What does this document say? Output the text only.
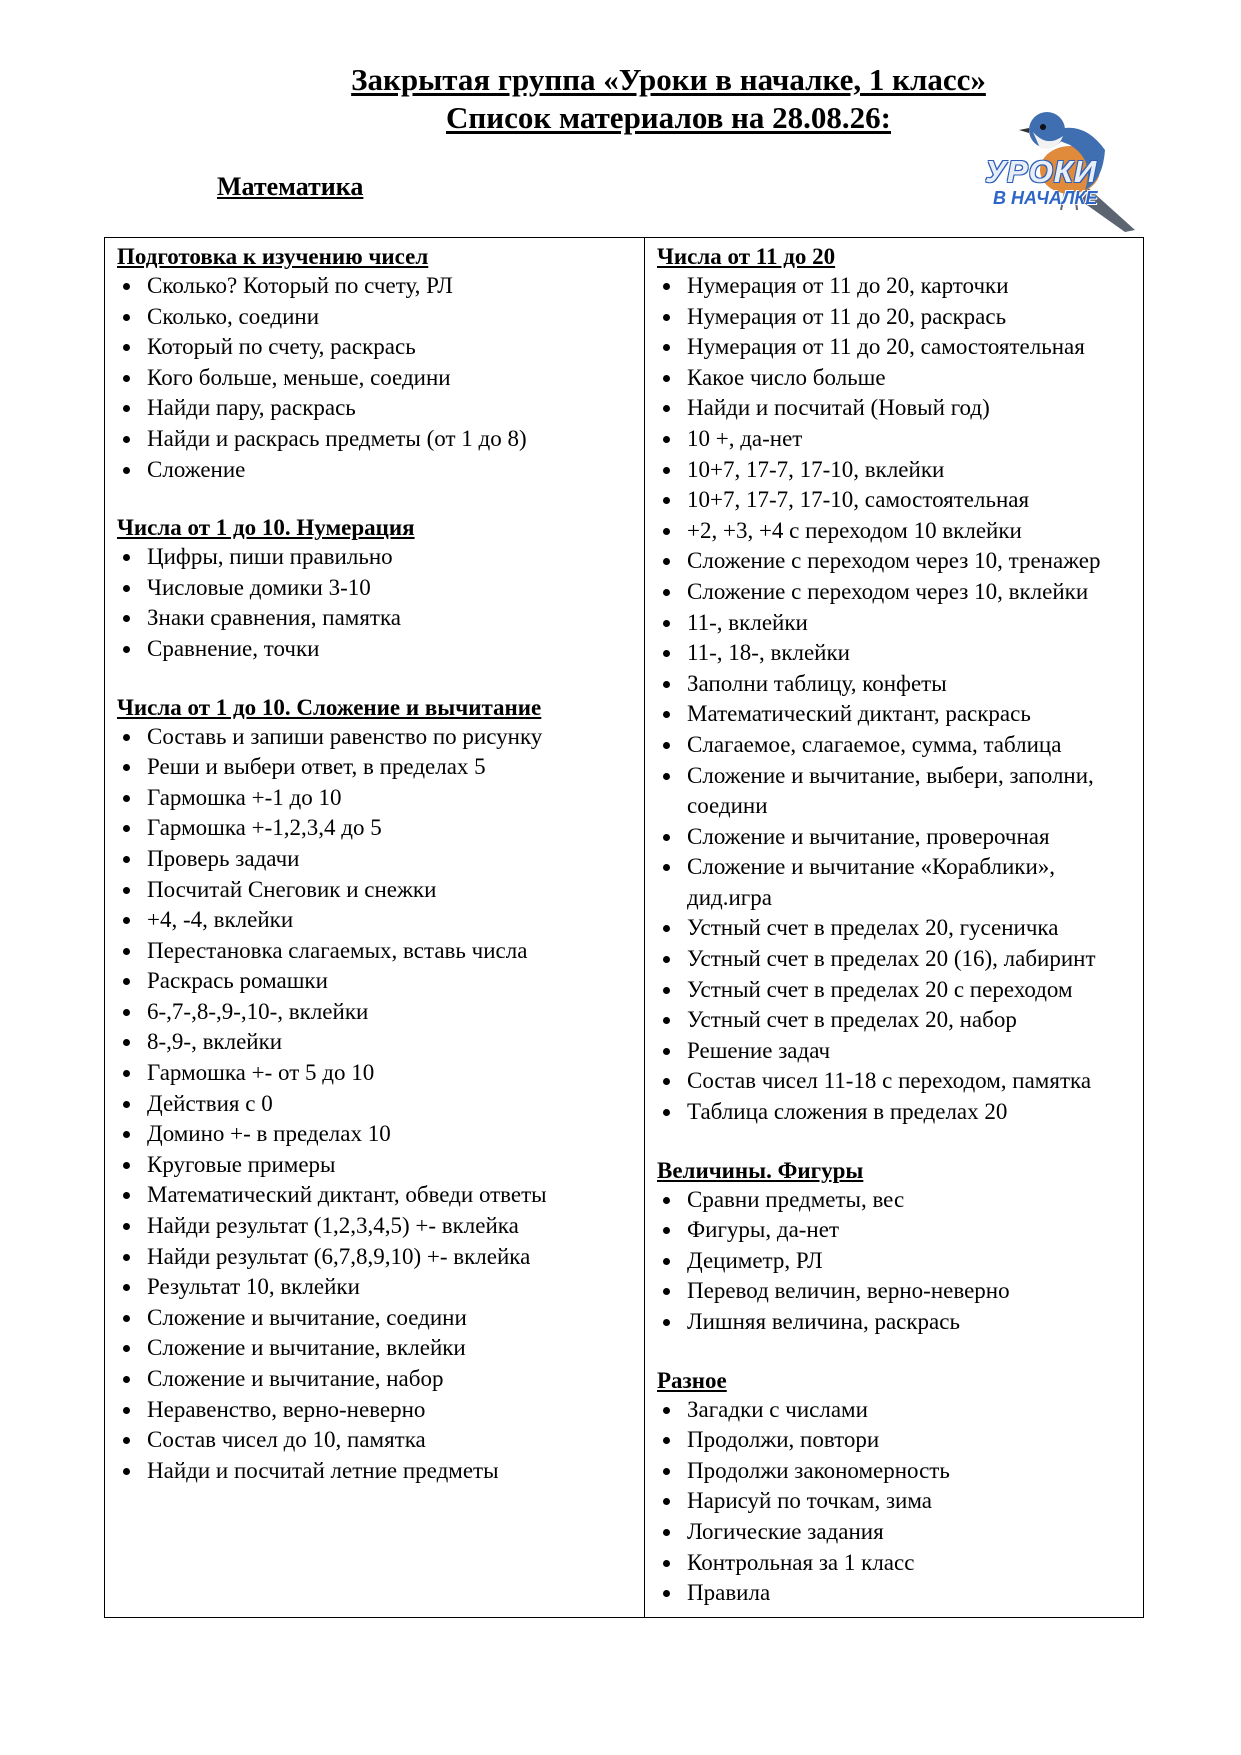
Закрытая группа «Уроки в началке, 1 класс»
Список материалов на 28.08.26:
Математика	УРОКИ
В НАЧАЛКЕ

Подготовка к изучению чисел

Сколько? Который по счету, РЛ
Сколько, соедини
Который по счету, раскрась
Кого больше, меньше, соедини
Найди пару, раскрась
Найди и раскрась предметы (от 1 до 8)
Сложение

Числа от 1 до 10. Нумерация

Цифры, пиши правильно
Числовые домики 3-10
Знаки сравнения, памятка
Сравнение, точки

Числа от 1 до 10. Сложение и вычитание

Составь и запиши равенство по рисунку
Реши и выбери ответ, в пределах 5
Гармошка +-1 до 10
Гармошка +-1,2,3,4 до 5
Проверь задачи
Посчитай Снеговик и снежки
+4, -4, вклейки
Перестановка слагаемых, вставь числа
Раскрась ромашки
6-,7-,8-,9-,10-, вклейки
8-,9-, вклейки
Гармошка +- от 5 до 10
Действия с 0
Домино +- в пределах 10
Круговые примеры
Математический диктант, обведи ответы
Найди результат (1,2,3,4,5) +- вклейка
Найди результат (6,7,8,9,10) +- вклейка
Результат 10, вклейки
Сложение и вычитание, соедини
Сложение и вычитание, вклейки
Сложение и вычитание, набор
Неравенство, верно-неверно
Состав чисел до 10, памятка
Найди и посчитай летние предметы

Числа от 11 до 20

Нумерация от 11 до 20, карточки
Нумерация от 11 до 20, раскрась
Нумерация от 11 до 20, самостоятельная
Какое число больше
Найди и посчитай (Новый год)
10 +, да-нет
10+7, 17-7, 17-10, вклейки
10+7, 17-7, 17-10, самостоятельная
+2, +3, +4 с переходом 10 вклейки
Сложение с переходом через 10, тренажер
Сложение с переходом через 10, вклейки
11-, вклейки
11-, 18-, вклейки
Заполни таблицу, конфеты
Математический диктант, раскрась
Слагаемое, слагаемое, сумма, таблица
Сложение и вычитание, выбери, заполни, соедини
Сложение и вычитание, проверочная
Сложение и вычитание «Кораблики», дид.игра
Устный счет в пределах 20, гусеничка
Устный счет в пределах 20 (16), лабиринт
Устный счет в пределах 20 с переходом
Устный счет в пределах 20, набор
Решение задач
Состав чисел 11-18 с переходом, памятка
Таблица сложения в пределах 20

Величины. Фигуры

Сравни предметы, вес
Фигуры, да-нет
Дециметр, РЛ
Перевод величин, верно-неверно
Лишняя величина, раскрась

Разное

Загадки с числами
Продолжи, повтори
Продолжи закономерность
Нарисуй по точкам, зима
Логические задания
Контрольная за 1 класс
Правила
